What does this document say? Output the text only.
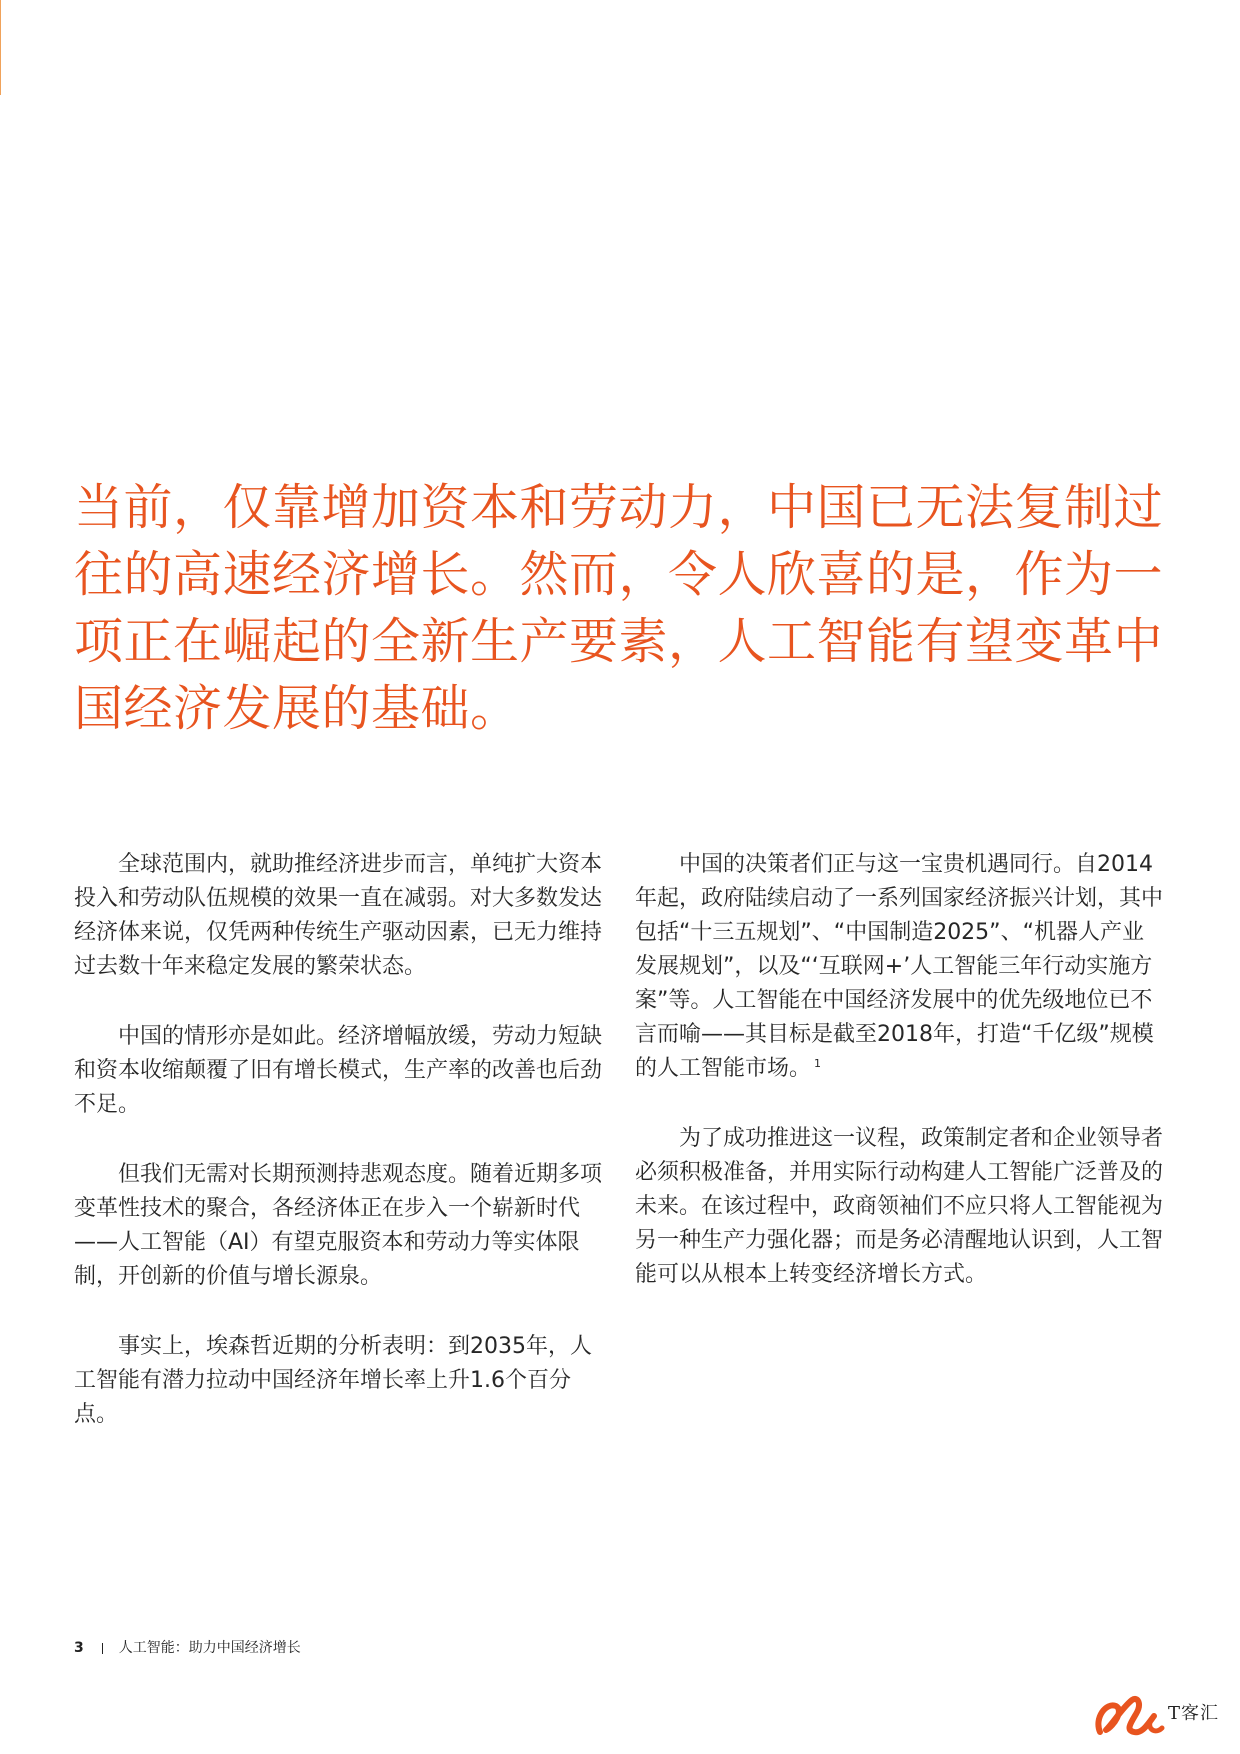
当前，仅靠增加资本和劳动力，中国已无法复制过往的高速经济增长。然而，令人欣喜的是，作为一项正在崛起的全新生产要素，人工智能有望变革中国经济发展的基础。

全球范围内，就助推经济进步而言，单纯扩大资本投入和劳动队伍规模的效果一直在减弱。对大多数发达经济体来说，仅凭两种传统生产驱动因素，已无力维持过去数十年来稳定发展的繁荣状态。

中国的情形亦是如此。经济增幅放缓，劳动力短缺和资本收缩颠覆了旧有增长模式，生产率的改善也后劲不足。

但我们无需对长期预测持悲观态度。随着近期多项变革性技术的聚合，各经济体正在步入一个崭新时代——人工智能（AI）有望克服资本和劳动力等实体限制，开创新的价值与增长源泉。

事实上，埃森哲近期的分析表明：到2035年，人工智能有潜力拉动中国经济年增长率上升1.6个百分点。

中国的决策者们正与这一宝贵机遇同行。自2014年起，政府陆续启动了一系列国家经济振兴计划，其中包括“十三五规划”、“中国制造2025”、“机器人产业发展规划”，以及“‘互联网+’人工智能三年行动实施方案”等。人工智能在中国经济发展中的优先级地位已不言而喻——其目标是截至2018年，打造“千亿级”规模的人工智能市场。 $^1$

为了成功推进这一议程，政策制定者和企业领导者必须积极准备，并用实际行动构建人工智能广泛普及的未来。在该过程中，政商领袖们不应只将人工智能视为另一种生产力强化器；而是务必清醒地认识到，人工智能可以从根本上转变经济增长方式。

3	人工智能：助力中国经济增长
T客汇
